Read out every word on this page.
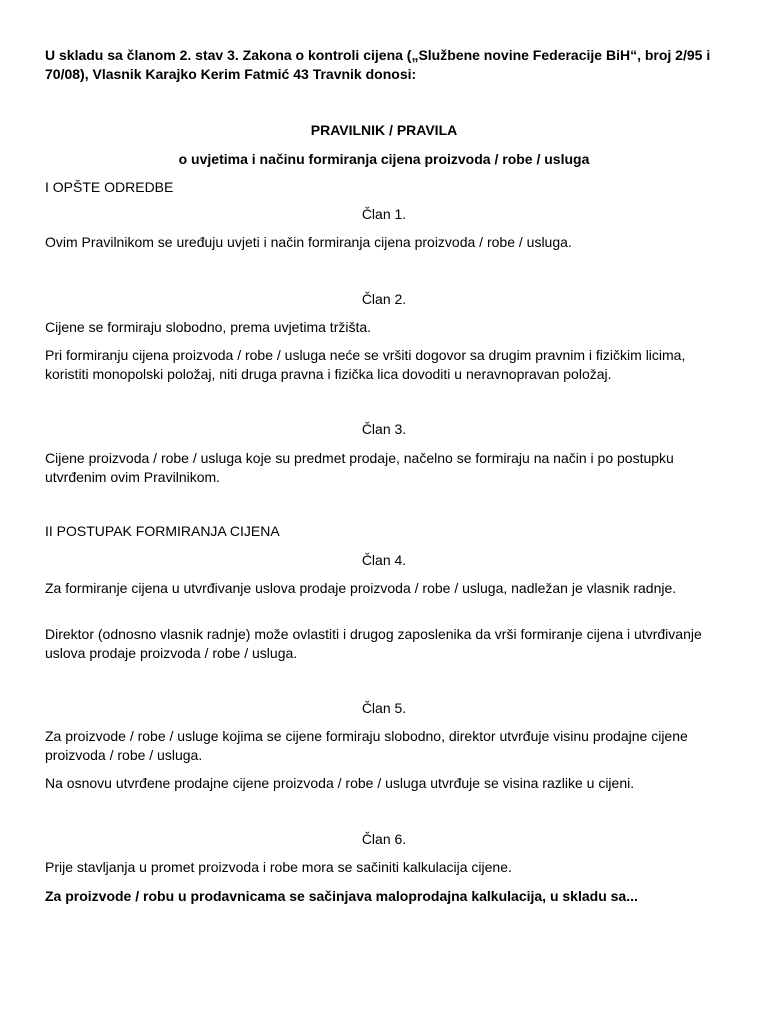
U skladu sa članom 2. stav 3. Zakona o kontroli cijena („Službene novine Federacije BiH“, broj 2/95 i 70/08), Vlasnik Karajko Kerim Fatmić 43 Travnik donosi:

PRAVILNIK / PRAVILA

o uvjetima i načinu formiranja cijena proizvoda / robe / usluga

I OPŠTE ODREDBE

Član 1.

Ovim Pravilnikom se uređuju uvjeti i način formiranja cijena proizvoda / robe / usluga.

Član 2.

Cijene se formiraju slobodno, prema uvjetima tržišta.

Pri formiranju cijena proizvoda / robe / usluga neće se vršiti dogovor sa drugim pravnim i fizičkim licima, koristiti monopolski položaj, niti druga pravna i fizička lica dovoditi u neravnopravan položaj.

Član 3.

Cijene proizvoda / robe / usluga koje su predmet prodaje, načelno se formiraju na način i po postupku utvrđenim ovim Pravilnikom.

II POSTUPAK FORMIRANJA CIJENA

Član 4.

Za formiranje cijena u utvrđivanje uslova prodaje proizvoda / robe / usluga, nadležan je vlasnik radnje.

Direktor (odnosno vlasnik radnje) može ovlastiti i drugog zaposlenika da vrši formiranje cijena i utvrđivanje uslova prodaje proizvoda / robe / usluga.

Član 5.

Za proizvode / robe / usluge kojima se cijene formiraju slobodno, direktor utvrđuje visinu prodajne cijene proizvoda / robe / usluga.

Na osnovu utvrđene prodajne cijene proizvoda / robe / usluga utvrđuje se visina razlike u cijeni.

Član 6.

Prije stavljanja u promet proizvoda i robe mora se sačiniti kalkulacija cijene.

Za proizvode / robu u prodavnicama se sačinjava maloprodajna kalkulacija, u skladu sa...
